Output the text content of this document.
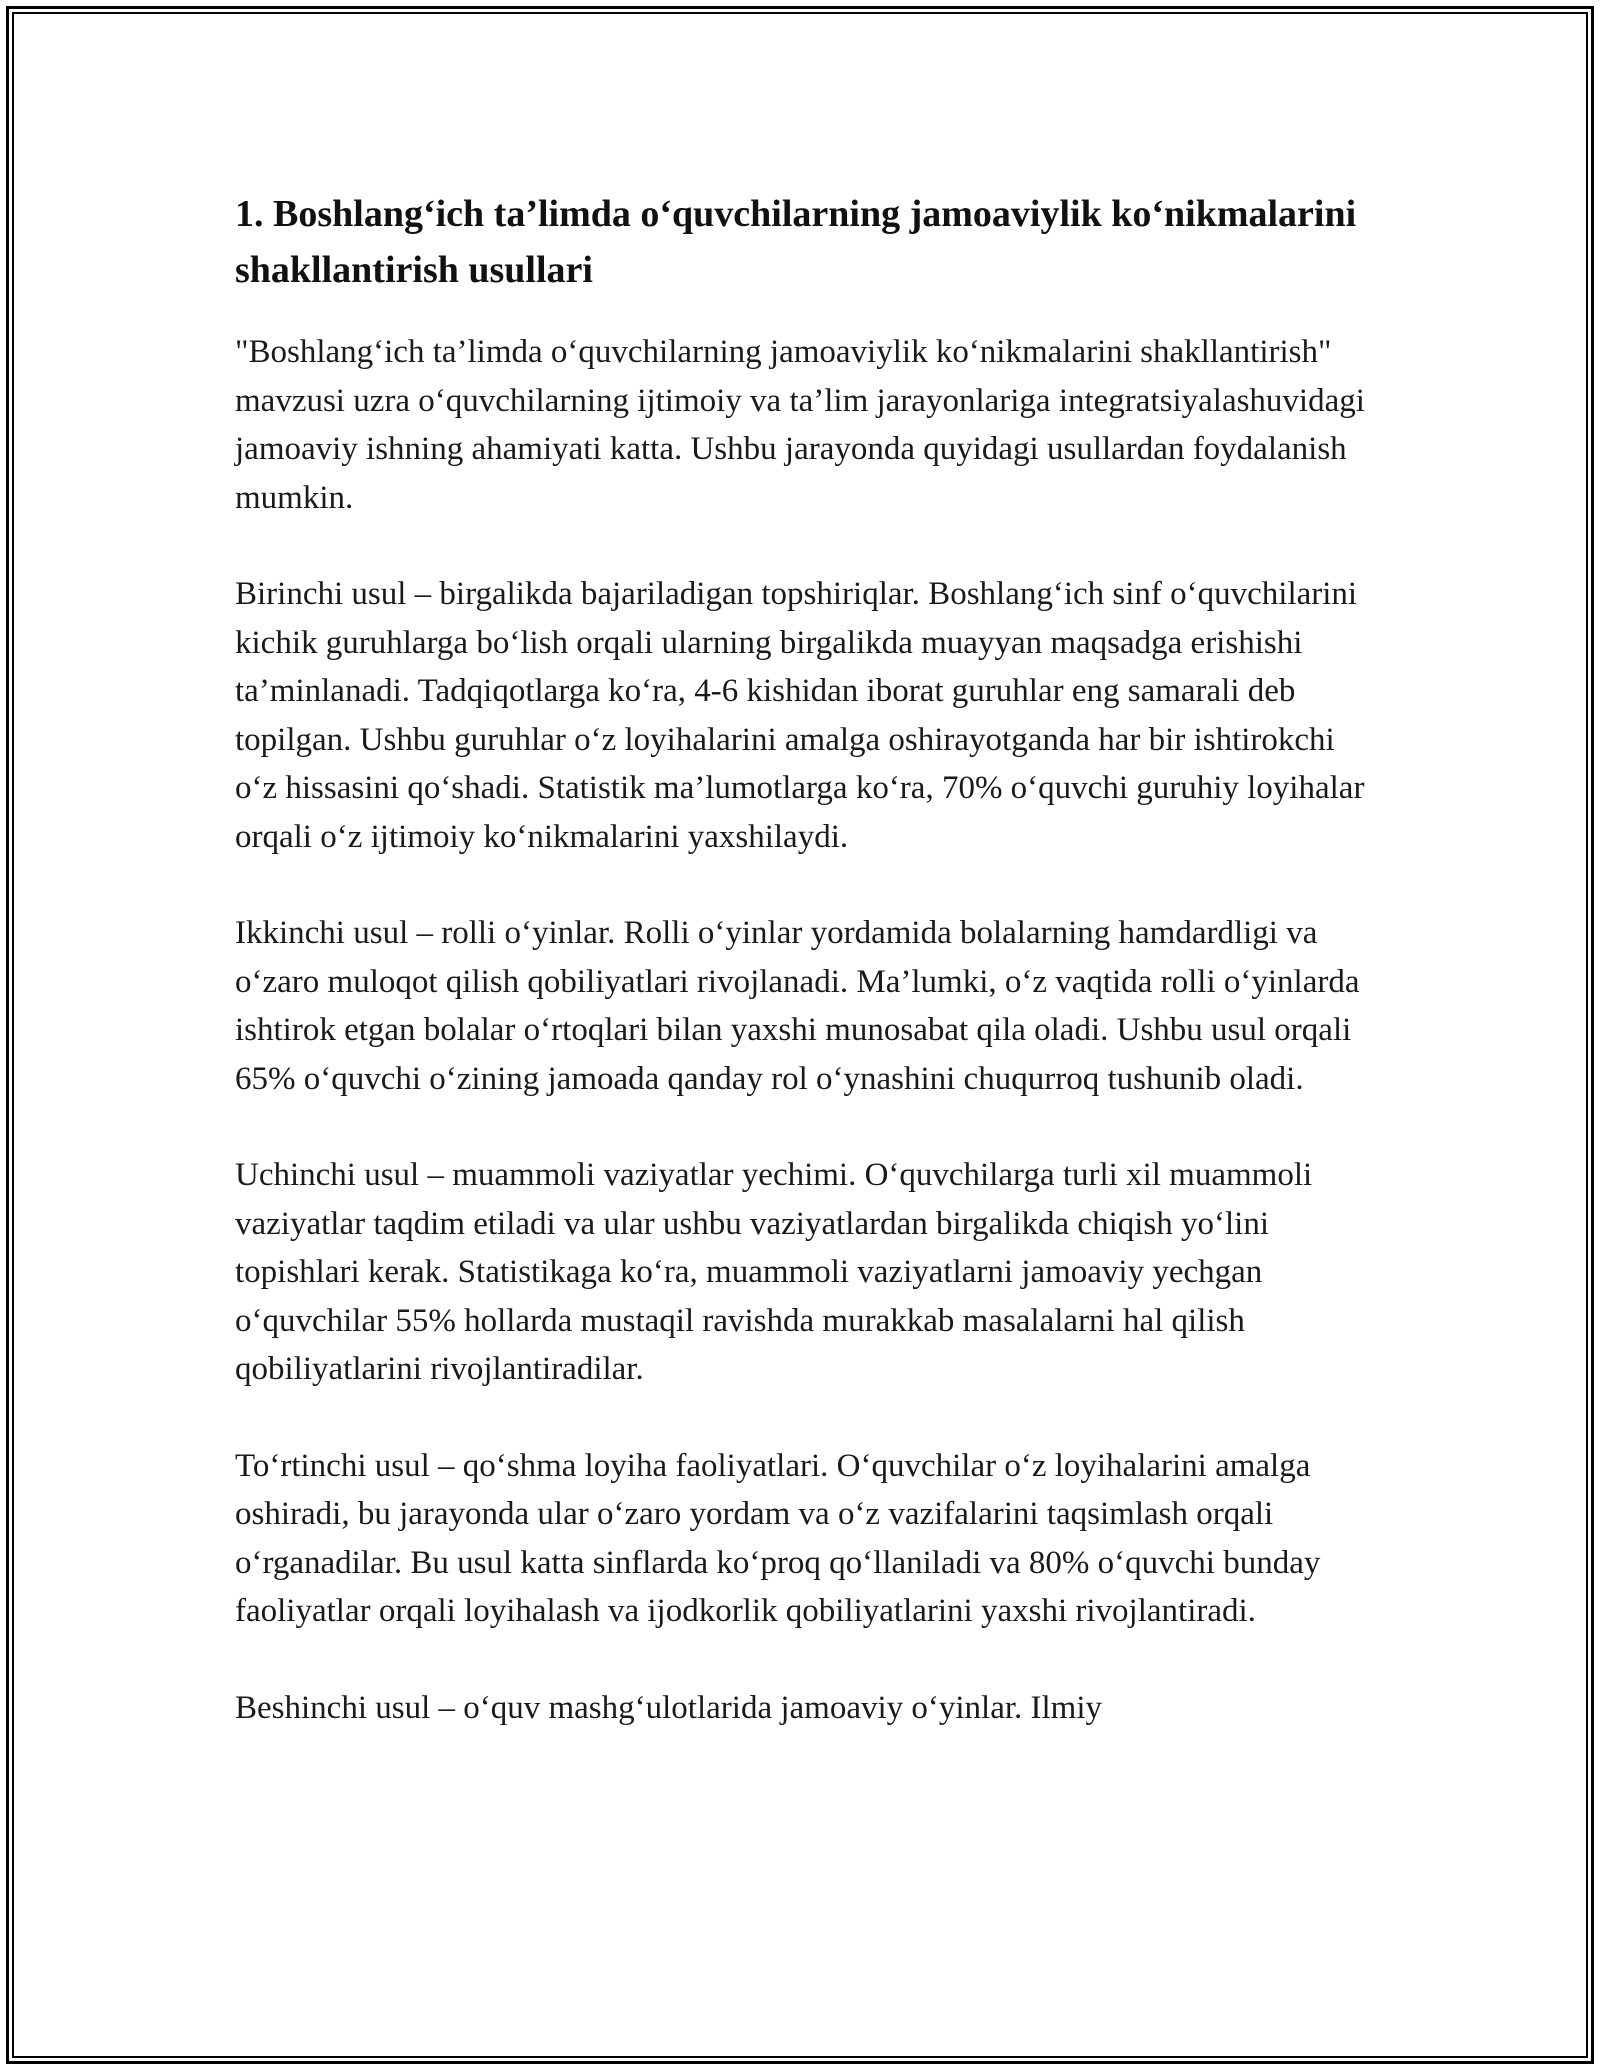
1. Boshlang‘ich ta’limda o‘quvchilarning jamoaviylik ko‘nikmalarini shakllantirish usullari

"Boshlang‘ich ta’limda o‘quvchilarning jamoaviylik ko‘nikmalarini shakllantirish" mavzusi uzra o‘quvchilarning ijtimoiy va ta’lim jarayonlariga integratsiyalashuvidagi jamoaviy ishning ahamiyati katta. Ushbu jarayonda quyidagi usullardan foydalanish mumkin.

Birinchi usul – birgalikda bajariladigan topshiriqlar. Boshlang‘ich sinf o‘quvchilarini kichik guruhlarga bo‘lish orqali ularning birgalikda muayyan maqsadga erishishi ta’minlanadi. Tadqiqotlarga ko‘ra, 4-6 kishidan iborat guruhlar eng samarali deb topilgan. Ushbu guruhlar o‘z loyihalarini amalga oshirayotganda har bir ishtirokchi o‘z hissasini qo‘shadi. Statistik ma’lumotlarga ko‘ra, 70% o‘quvchi guruhiy loyihalar orqali o‘z ijtimoiy ko‘nikmalarini yaxshilaydi.

Ikkinchi usul – rolli o‘yinlar. Rolli o‘yinlar yordamida bolalarning hamdardligi va o‘zaro muloqot qilish qobiliyatlari rivojlanadi. Ma’lumki, o‘z vaqtida rolli o‘yinlarda ishtirok etgan bolalar o‘rtoqlari bilan yaxshi munosabat qila oladi. Ushbu usul orqali 65% o‘quvchi o‘zining jamoada qanday rol o‘ynashini chuqurroq tushunib oladi.

Uchinchi usul – muammoli vaziyatlar yechimi. O‘quvchilarga turli xil muammoli vaziyatlar taqdim etiladi va ular ushbu vaziyatlardan birgalikda chiqish yo‘lini topishlari kerak. Statistikaga ko‘ra, muammoli vaziyatlarni jamoaviy yechgan o‘quvchilar 55% hollarda mustaqil ravishda murakkab masalalarni hal qilish qobiliyatlarini rivojlantiradilar.

To‘rtinchi usul – qo‘shma loyiha faoliyatlari. O‘quvchilar o‘z loyihalarini amalga oshiradi, bu jarayonda ular o‘zaro yordam va o‘z vazifalarini taqsimlash orqali o‘rganadilar. Bu usul katta sinflarda ko‘proq qo‘llaniladi va 80% o‘quvchi bunday faoliyatlar orqali loyihalash va ijodkorlik qobiliyatlarini yaxshi rivojlantiradi.

Beshinchi usul – o‘quv mashg‘ulotlarida jamoaviy o‘yinlar. Ilmiy
